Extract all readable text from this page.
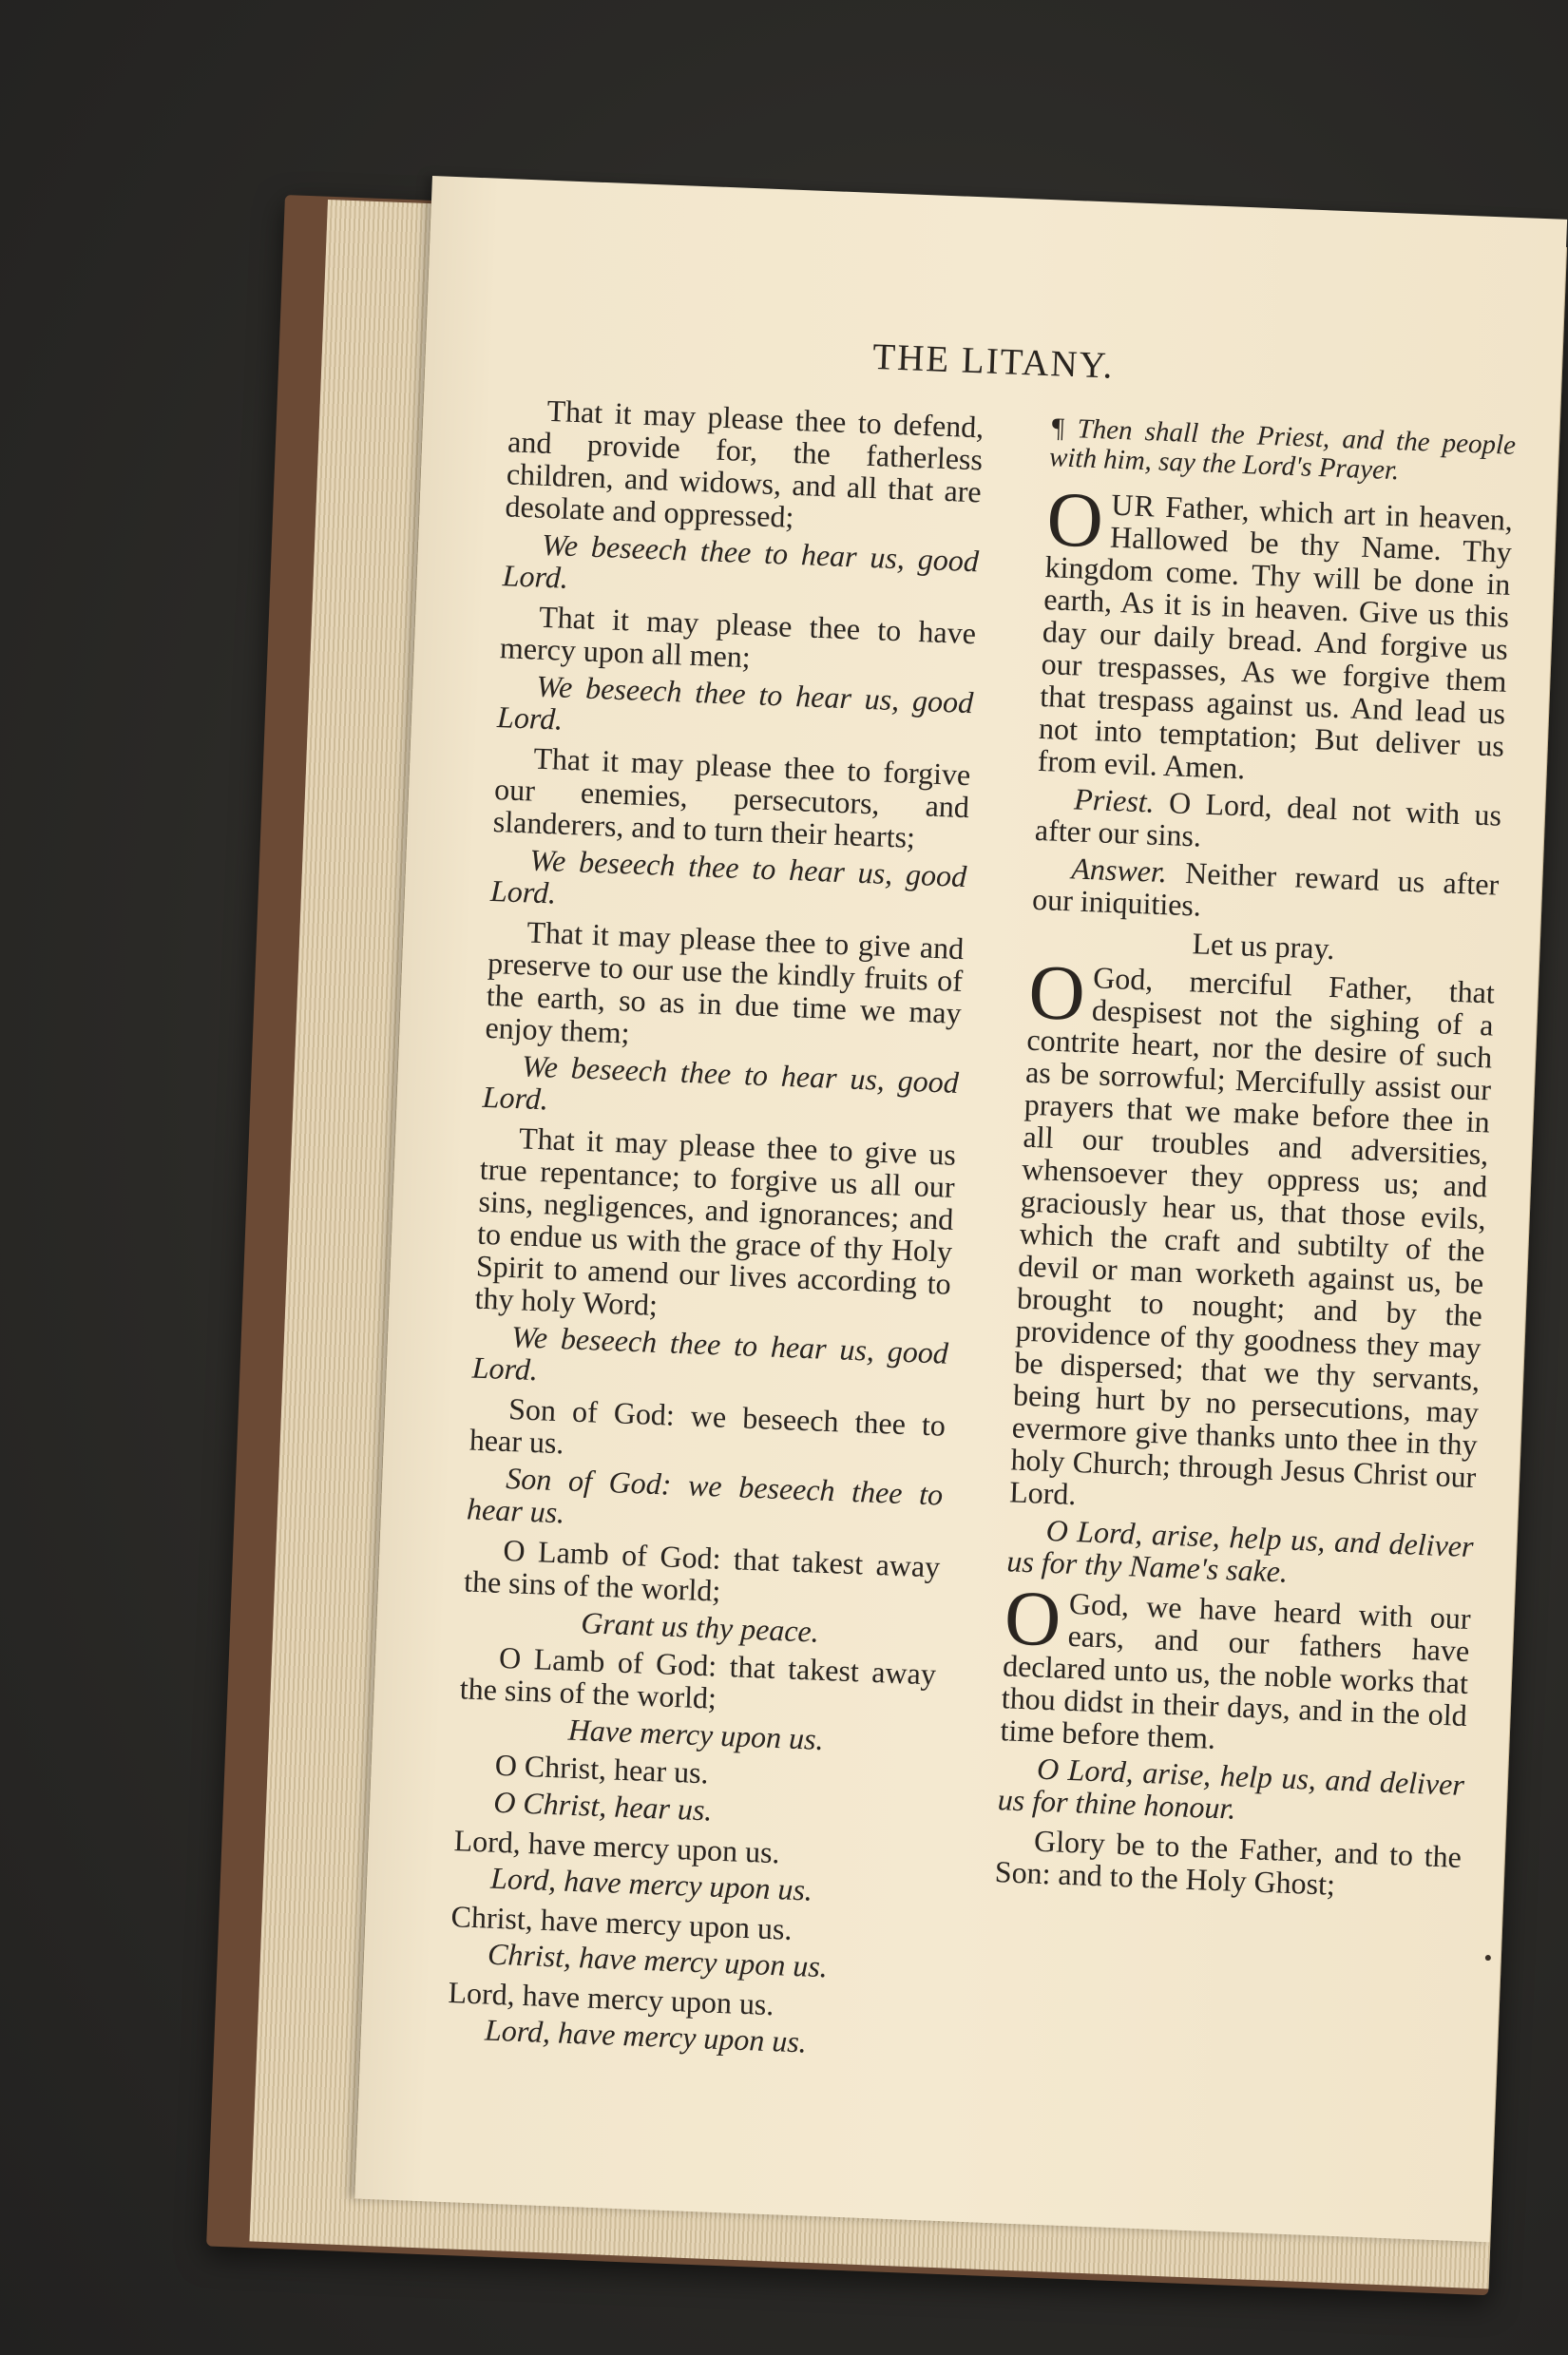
THE LITANY.

That it may please thee to defend, and provide for, the fatherless children, and widows, and all that are desolate and oppressed;

We beseech thee to hear us, good Lord.

That it may please thee to have mercy upon all men;

We beseech thee to hear us, good Lord.

That it may please thee to forgive our enemies, persecutors, and slanderers, and to turn their hearts;

We beseech thee to hear us, good Lord.

That it may please thee to give and preserve to our use the kindly fruits of the earth, so as in due time we may enjoy them;

We beseech thee to hear us, good Lord.

That it may please thee to give us true repentance; to forgive us all our sins, negligences, and ignorances; and to endue us with the grace of thy Holy Spirit to amend our lives according to thy holy Word;

We beseech thee to hear us, good Lord.

Son of God: we beseech thee to hear us.

Son of God: we beseech thee to hear us.

O Lamb of God: that takest away the sins of the world;

Grant us thy peace.

O Lamb of God: that takest away the sins of the world;

Have mercy upon us.

O Christ, hear us.

O Christ, hear us.

Lord, have mercy upon us.

Lord, have mercy upon us.

Christ, have mercy upon us.

Christ, have mercy upon us.

Lord, have mercy upon us.

Lord, have mercy upon us.

¶ Then shall the Priest, and the people with him, say the Lord's Prayer.

OUR Father, which art in heaven, Hallowed be thy Name. Thy kingdom come. Thy will be done in earth, As it is in heaven. Give us this day our daily bread. And forgive us our trespasses, As we forgive them that trespass against us. And lead us not into temptation; But deliver us from evil. Amen.

Priest. O Lord, deal not with us after our sins.

Answer. Neither reward us after our iniquities.

Let us pray.

O God, merciful Father, that despisest not the sighing of a contrite heart, nor the desire of such as be sorrowful; Mercifully assist our prayers that we make before thee in all our troubles and adversities, whensoever they oppress us; and graciously hear us, that those evils, which the craft and subtilty of the devil or man worketh against us, be brought to nought; and by the providence of thy goodness they may be dispersed; that we thy servants, being hurt by no persecutions, may evermore give thanks unto thee in thy holy Church; through Jesus Christ our Lord.

O Lord, arise, help us, and deliver us for thy Name's sake.

O God, we have heard with our ears, and our fathers have declared unto us, the noble works that thou didst in their days, and in the old time before them.

O Lord, arise, help us, and deliver us for thine honour.

Glory be to the Father, and to the Son: and to the Holy Ghost;
